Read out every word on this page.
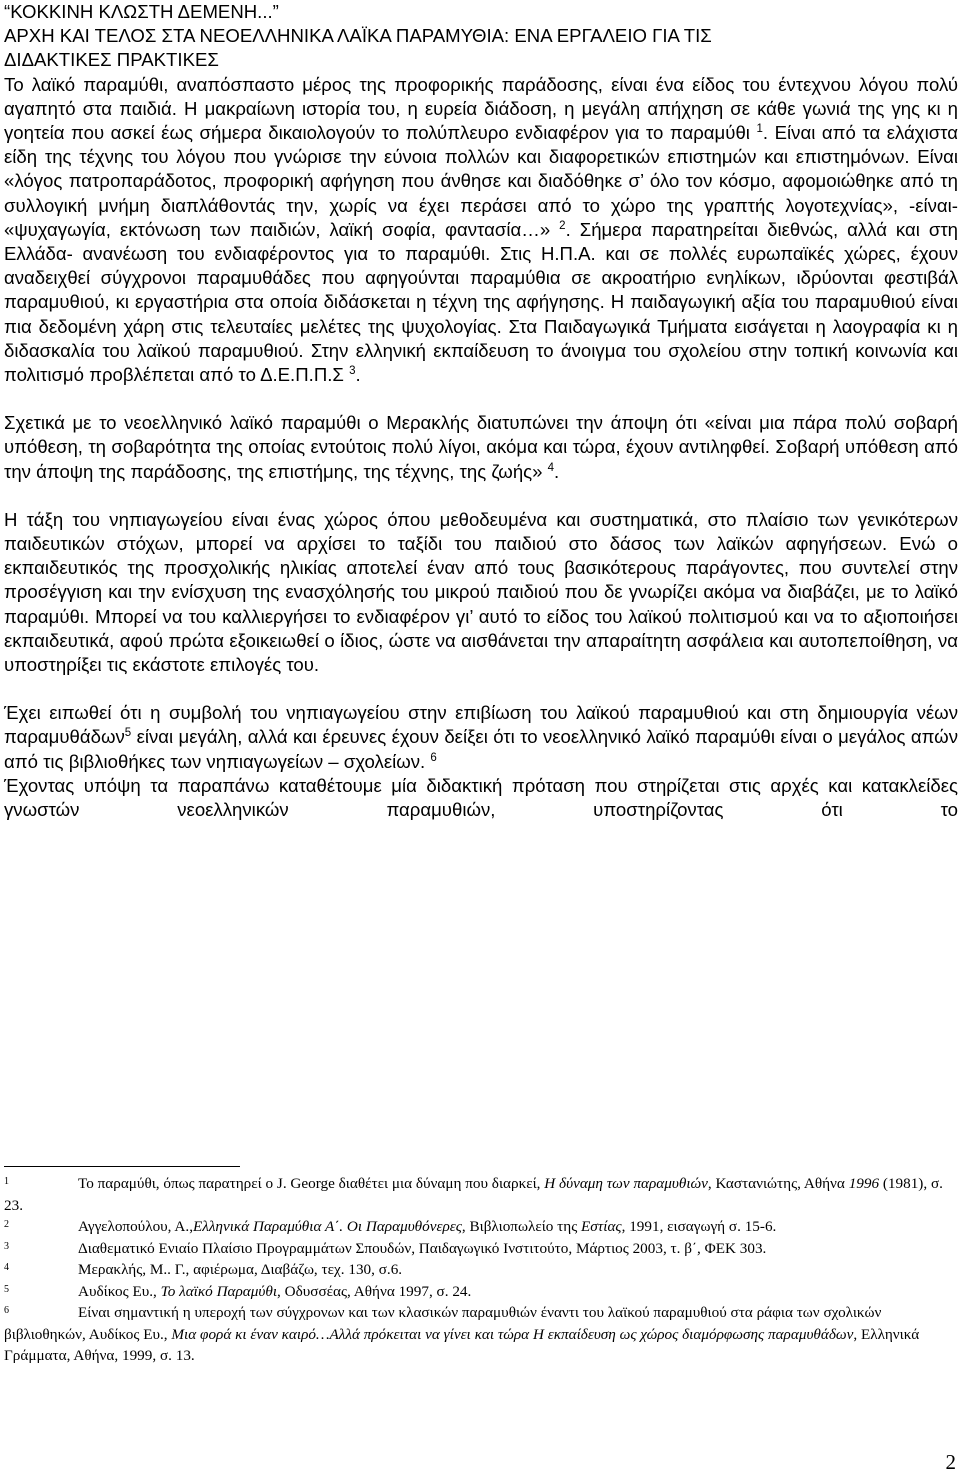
“ΚΟΚΚΙΝΗ ΚΛΩΣΤΗ ΔΕΜΕΝΗ...”
ΑΡΧΗ ΚΑΙ ΤΕΛΟΣ ΣΤΑ ΝΕΟΕΛΛΗΝΙΚΑ ΛΑΪΚΑ ΠΑΡΑΜΥΘΙΑ: ΕΝΑ ΕΡΓΑΛΕΙΟ ΓΙΑ ΤΙΣ
ΔΙΔΑΚΤΙΚΕΣ ΠΡΑΚΤΙΚΕΣ

Το λαϊκό παραμύθι, αναπόσπαστο μέρος της προφορικής παράδοσης, είναι ένα είδος του έντεχνου λόγου πολύ αγαπητό στα παιδιά. Η μακραίωνη ιστορία του, η ευρεία διάδοση, η μεγάλη απήχηση σε κάθε γωνιά της γης κι η γοητεία που ασκεί έως σήμερα δικαιολογούν το πολύπλευρο ενδιαφέρον για το παραμύθι $^1$. Είναι από τα ελάχιστα είδη της τέχνης του λόγου που γνώρισε την εύνοια πολλών και διαφορετικών επιστημών και επιστημόνων. Είναι «λόγος πατροπαράδοτος, προφορική αφήγηση που άνθησε και διαδόθηκε σ’ όλο τον κόσμο, αφομοιώθηκε από τη συλλογική μνήμη διαπλάθοντάς την, χωρίς να έχει περάσει από το χώρο της γραπτής λογοτεχνίας», -είναι- «ψυχαγωγία, εκτόνωση των παιδιών, λαϊκή σοφία, φαντασία…» $^2$. Σήμερα παρατηρείται διεθνώς, αλλά και στη Ελλάδα- ανανέωση του ενδιαφέροντος για το παραμύθι. Στις Η.Π.Α. και σε πολλές ευρωπαϊκές χώρες, έχουν αναδειχθεί σύγχρονοι παραμυθάδες που αφηγούνται παραμύθια σε ακροατήριο ενηλίκων, ιδρύονται φεστιβάλ παραμυθιού, κι εργαστήρια στα οποία διδάσκεται η τέχνη της αφήγησης. Η παιδαγωγική αξία του παραμυθιού είναι πια δεδομένη χάρη στις τελευταίες μελέτες της ψυχολογίας. Στα Παιδαγωγικά Τμήματα εισάγεται η λαογραφία κι η διδασκαλία του λαϊκού παραμυθιού. Στην ελληνική εκπαίδευση το άνοιγμα του σχολείου στην τοπική κοινωνία και πολιτισμό προβλέπεται από το Δ.Ε.Π.Π.Σ $^3$.

Σχετικά με το νεοελληνικό λαϊκό παραμύθι ο Μερακλής διατυπώνει την άποψη ότι «είναι μια πάρα πολύ σοβαρή υπόθεση, τη σοβαρότητα της οποίας εντούτοις πολύ λίγοι, ακόμα και τώρα, έχουν αντιληφθεί. Σοβαρή υπόθεση από την άποψη της παράδοσης, της επιστήμης, της τέχνης, της ζωής» $^4$.

Η τάξη του νηπιαγωγείου είναι ένας χώρος όπου μεθοδευμένα και συστηματικά, στο πλαίσιο των γενικότερων παιδευτικών στόχων, μπορεί να αρχίσει το ταξίδι του παιδιού στο δάσος των λαϊκών αφηγήσεων. Ενώ ο εκπαιδευτικός της προσχολικής ηλικίας αποτελεί έναν από τους βασικότερους παράγοντες, που συντελεί στην προσέγγιση και την ενίσχυση της ενασχόλησής του μικρού παιδιού που δε γνωρίζει ακόμα να διαβάζει, με το λαϊκό παραμύθι. Μπορεί να του καλλιεργήσει το ενδιαφέρον γι’ αυτό το είδος του λαϊκού πολιτισμού και να το αξιοποιήσει εκπαιδευτικά, αφού πρώτα εξοικειωθεί ο ίδιος, ώστε να αισθάνεται την απαραίτητη ασφάλεια και αυτοπεποίθηση, να υποστηρίξει τις εκάστοτε επιλογές του.

Έχει ειπωθεί ότι η συμβολή του νηπιαγωγείου στην επιβίωση του λαϊκού παραμυθιού και στη δημιουργία νέων παραμυθάδων$^5$ είναι μεγάλη, αλλά και έρευνες έχουν δείξει ότι το νεοελληνικό λαϊκό παραμύθι είναι ο μεγάλος απών από τις βιβλιοθήκες των νηπιαγωγείων – σχολείων. $^6$

Έχοντας υπόψη τα παραπάνω καταθέτουμε μία διδακτική πρόταση που στηρίζεται στις αρχές και κατακλείδες γνωστών νεοελληνικών παραμυθιών, υποστηρίζοντας ότι το

$^1$	Το παραμύθι, όπως παρατηρεί ο J. George διαθέτει μια δύναμη που διαρκεί, Η δύναμη των παραμυθιών, Καστανιώτης, Αθήνα 1996 (1981), σ. 23.

$^2$	Αγγελοπούλου, Α.,Ελληνικά Παραμύθια Α΄. Οι Παραμυθόνερες, Βιβλιοπωλείο της Εστίας, 1991, εισαγωγή σ. 15-6.

$^3$	Διαθεματικό Ενιαίο Πλαίσιο Προγραμμάτων Σπουδών, Παιδαγωγικό Ινστιτούτο, Μάρτιος 2003, τ. β΄, ΦΕΚ 303.

$^4$	Μερακλής, Μ.. Γ., αφιέρωμα, Διαβάζω, τεχ. 130, σ.6.

$^5$	Αυδίκος Ευ., Το λαϊκό Παραμύθι, Οδυσσέας, Αθήνα 1997, σ. 24.

$^6$	Είναι σημαντική η υπεροχή των σύγχρονων και των κλασικών παραμυθιών έναντι του λαϊκού παραμυθιού στα ράφια των σχολικών βιβλιοθηκών, Αυδίκος Ευ., Μια φορά κι έναν καιρό…Αλλά πρόκειται να γίνει και τώρα Η εκπαίδευση ως χώρος διαμόρφωσης παραμυθάδων, Ελληνικά Γράμματα, Αθήνα, 1999, σ. 13.

2
